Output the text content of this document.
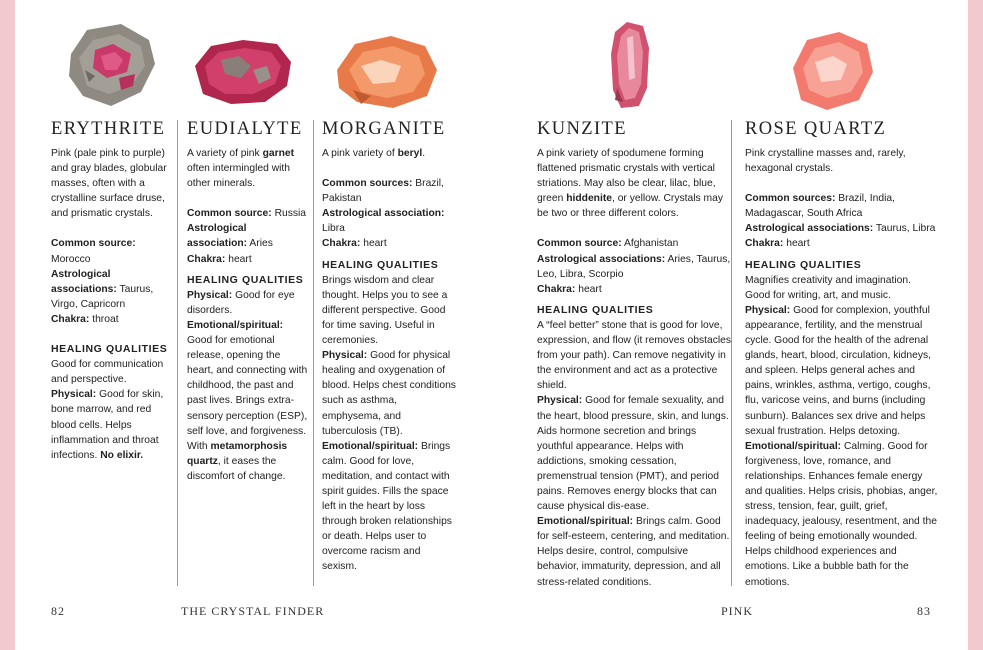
ERYTHRITE

Pink (pale pink to purple) and gray blades, globular masses, often with a crystalline surface druse, and prismatic crystals.

Common source: Morocco

Astrological associations: Taurus, Virgo, Capricorn

Chakra: throat

HEALING QUALITIES

Good for communication and perspective.

Physical: Good for skin, bone marrow, and red blood cells. Helps inflammation and throat infections. No elixir.

EUDIALYTE

A variety of pink garnet often intermingled with other minerals.

Common source: Russia

Astrological association: Aries

Chakra: heart

HEALING QUALITIES

Physical: Good for eye disorders.

Emotional/spiritual: Good for emotional release, opening the heart, and connecting with childhood, the past and past lives. Brings extra-sensory perception (ESP), self love, and forgiveness. With metamorphosis quartz, it eases the discomfort of change.

MORGANITE

A pink variety of beryl.

Common sources: Brazil, Pakistan

Astrological association: Libra

Chakra: heart

HEALING QUALITIES

Brings wisdom and clear thought. Helps you to see a different perspective. Good for time saving. Useful in ceremonies.

Physical: Good for physical healing and oxygenation of blood. Helps chest conditions such as asthma, emphysema, and tuberculosis (TB).

Emotional/spiritual: Brings calm. Good for love, meditation, and contact with spirit guides. Fills the space left in the heart by loss through broken relationships or death. Helps user to overcome racism and sexism.

KUNZITE

A pink variety of spodumene forming flattened prismatic crystals with vertical striations. May also be clear, lilac, blue, green hiddenite, or yellow. Crystals may be two or three different colors.

Common source: Afghanistan

Astrological associations: Aries, Taurus, Leo, Libra, Scorpio

Chakra: heart

HEALING QUALITIES

A “feel better” stone that is good for love, expression, and flow (it removes obstacles from your path). Can remove negativity in the environment and act as a protective shield.

Physical: Good for female sexuality, and the heart, blood pressure, skin, and lungs. Aids hormone secretion and brings youthful appearance. Helps with addictions, smoking cessation, premenstrual tension (PMT), and period pains. Removes energy blocks that can cause physical dis-ease.

Emotional/spiritual: Brings calm. Good for self-esteem, centering, and meditation. Helps desire, control, compulsive behavior, immaturity, depression, and all stress-related conditions.

ROSE QUARTZ

Pink crystalline masses and, rarely, hexagonal crystals.

Common sources: Brazil, India, Madagascar, South Africa

Astrological associations: Taurus, Libra

Chakra: heart

HEALING QUALITIES

Magnifies creativity and imagination. Good for writing, art, and music.

Physical: Good for complexion, youthful appearance, fertility, and the menstrual cycle. Good for the health of the adrenal glands, heart, blood, circulation, kidneys, and spleen. Helps general aches and pains, wrinkles, asthma, vertigo, coughs, flu, varicose veins, and burns (including sunburn). Balances sex drive and helps sexual frustration. Helps detoxing.

Emotional/spiritual: Calming. Good for forgiveness, love, romance, and relationships. Enhances female energy and qualities. Helps crisis, phobias, anger, stress, tension, fear, guilt, grief, inadequacy, jealousy, resentment, and the feeling of being emotionally wounded. Helps childhood experiences and emotions. Like a bubble bath for the emotions.

82	THE CRYSTAL FINDER	PINK	83
